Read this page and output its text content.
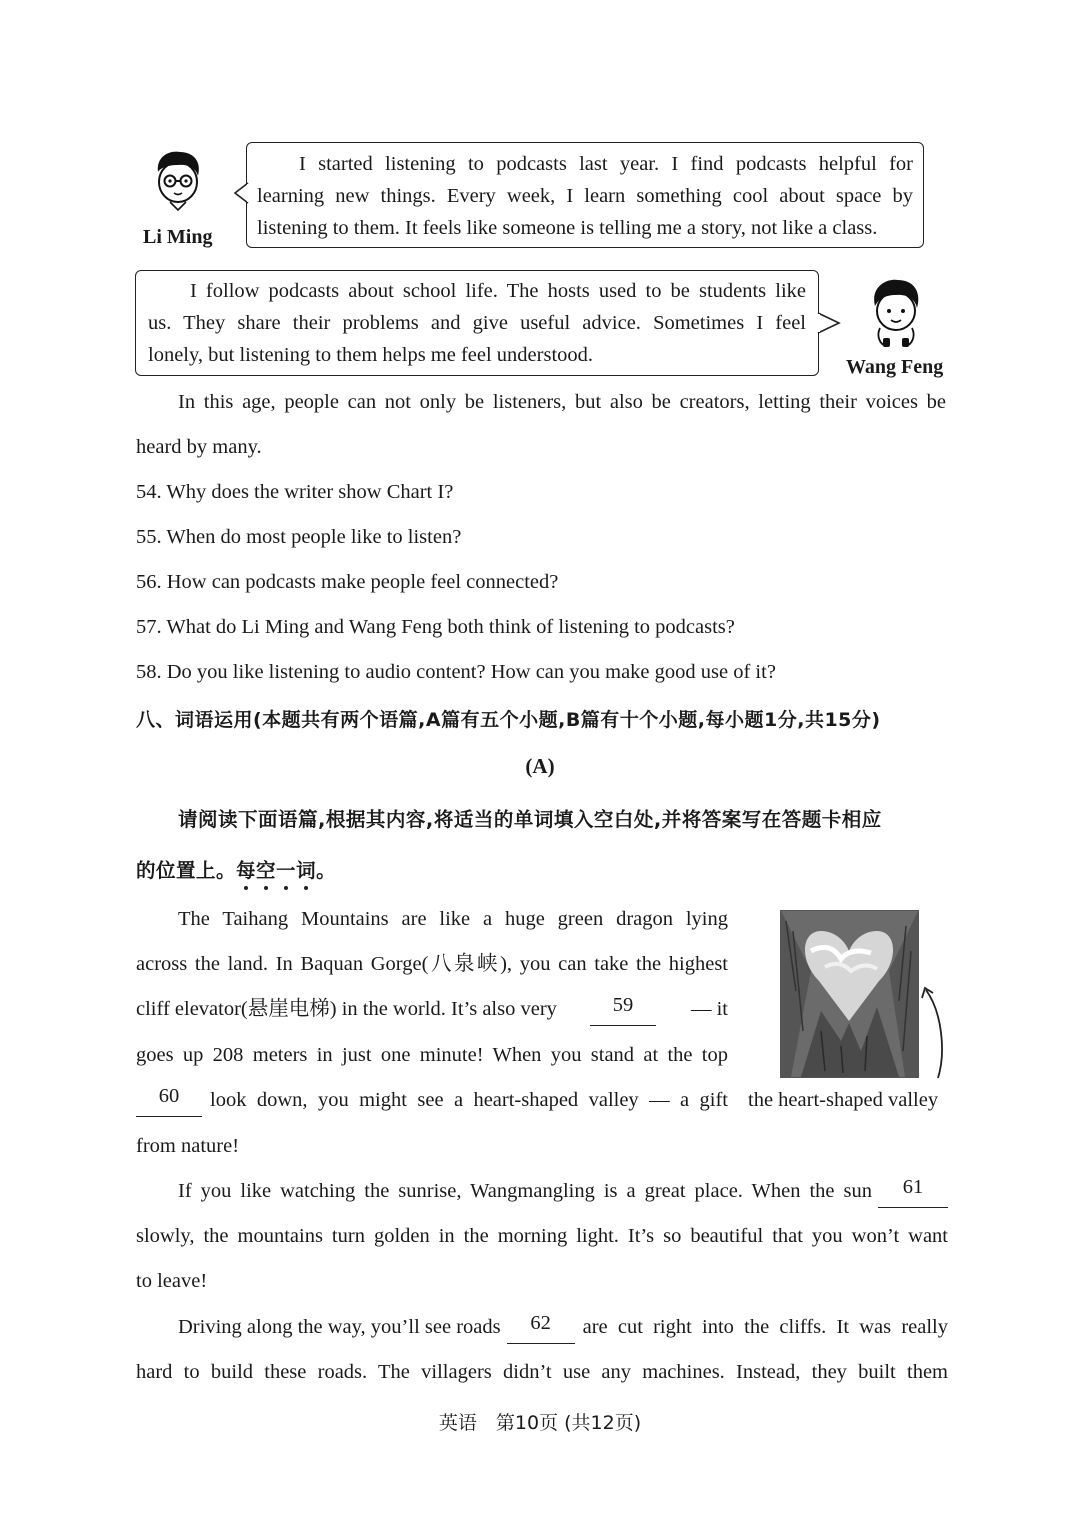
Li Ming

I started listening to podcasts last year. I find podcasts helpful for

learning new things. Every week, I learn something cool about space by

listening to them. It feels like someone is telling me a story, not like a class.

I follow podcasts about school life. The hosts used to be students like

us. They share their problems and give useful advice. Sometimes I feel

lonely, but listening to them helps me feel understood.

Wang Feng
In this age, people can not only be listeners, but also be creators, letting their voices be
heard by many.
54. Why does the writer show Chart I?
55. When do most people like to listen?
56. How can podcasts make people feel connected?
57. What do Li Ming and Wang Feng both think of listening to podcasts?
58. Do you like listening to audio content? How can you make good use of it?
八、词语运用(本题共有两个语篇,A篇有五个小题,B篇有十个小题,每小题1分,共15分)
(A)
请阅读下面语篇,根据其内容,将适当的单词填入空白处,并将答案写在答题卡相应
的位置上。每空一词。
The Taihang Mountains are like a huge green dragon lying
across the land. In Baquan Gorge(八泉峡), you can take the highest
cliff elevator(悬崖电梯) in the world. It’s also very	59	— it
goes up 208 meters in just one minute! When you stand at the top
60	look down, you might see a heart-shaped valley — a gift
from nature!
the heart-shaped valley
If you like watching the sunrise, Wangmangling is a great place. When the sun	61
slowly, the mountains turn golden in the morning light. It’s so beautiful that you won’t want
to leave!
Driving along the way, you’ll see roads	62	are cut right into the cliffs. It was really
hard to build these roads. The villagers didn’t use any machines. Instead, they built them
英语　第10页 (共12页)
